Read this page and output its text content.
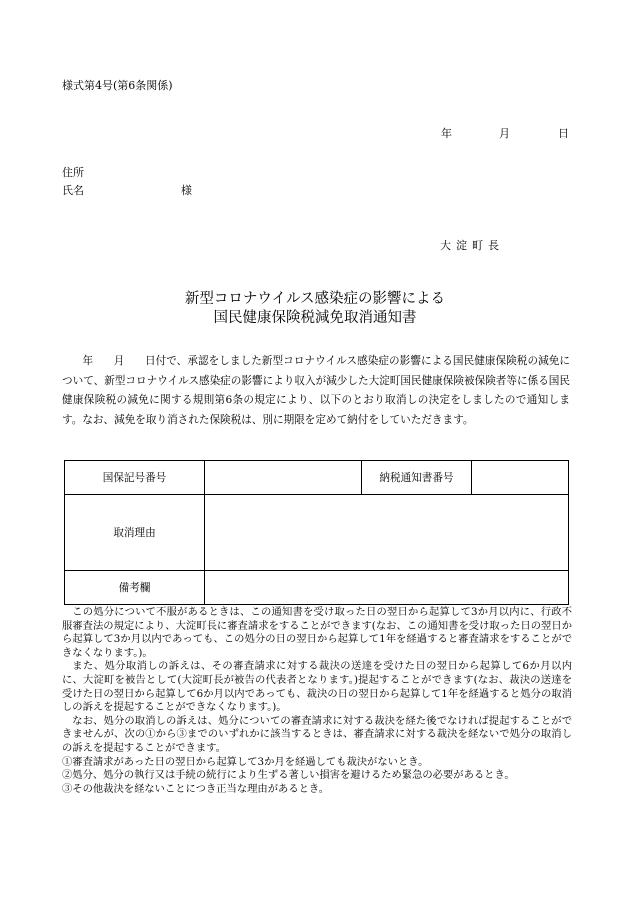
様式第4号(第6条関係)
年	月	日
住所
氏名	様
大淀町長
新型コロナウイルス感染症の影響による
国民健康保険税減免取消通知書
年 月 日付で、承認をしました新型コロナウイルス感染症の影響による国民健康保険税の減免について、新型コロナウイルス感染症の影響により収入が減少した大淀町国民健康保険被保険者等に係る国民健康保険税の減免に関する規則第6条の規定により、以下のとおり取消しの決定をしましたので通知します。なお、減免を取り消された保険税は、別に期限を定めて納付をしていただきます。
国保記号番号		納税通知書番号	
取消理由			
備考欄			

この処分について不服があるときは、この通知書を受け取った日の翌日から起算して3か月以内に、行政不服審査法の規定により、大淀町長に審査請求をすることができます(なお、この通知書を受け取った日の翌日から起算して3か月以内であっても、この処分の日の翌日から起算して1年を経過すると審査請求をすることができなくなります。)。

また、処分取消しの訴えは、その審査請求に対する裁決の送達を受けた日の翌日から起算して6か月以内に、大淀町を被告として(大淀町長が被告の代表者となります。)提起することができます(なお、裁決の送達を受けた日の翌日から起算して6か月以内であっても、裁決の日の翌日から起算して1年を経過すると処分の取消しの訴えを提起することができなくなります。)。

なお、処分の取消しの訴えは、処分についての審査請求に対する裁決を経た後でなければ提起することができませんが、次の①から③までのいずれかに該当するときは、審査請求に対する裁決を経ないで処分の取消しの訴えを提起することができます。

①審査請求があった日の翌日から起算して3か月を経過しても裁決がないとき。

②処分、処分の執行又は手続の続行により生ずる著しい損害を避けるため緊急の必要があるとき。

③その他裁決を経ないことにつき正当な理由があるとき。
